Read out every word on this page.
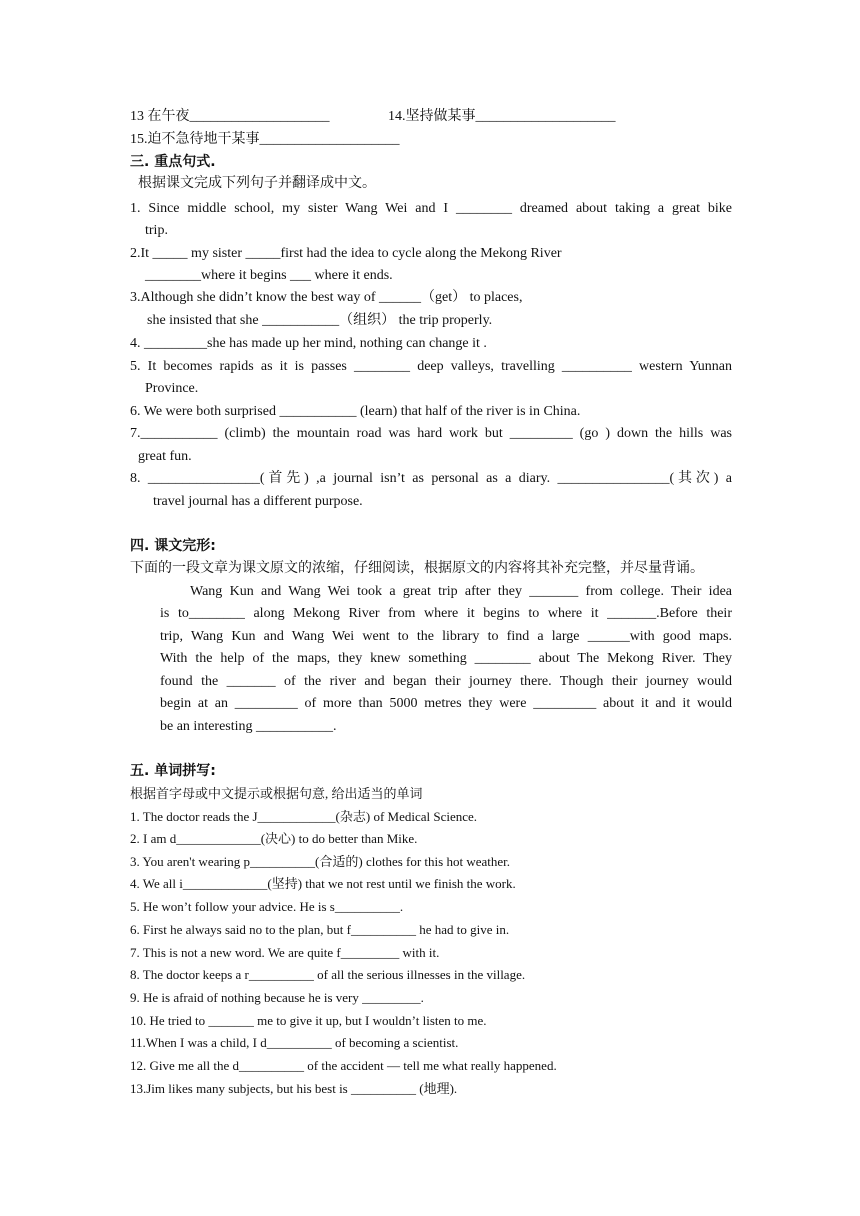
13 在午夜____________________	14.坚持做某事____________________
15.迫不急待地干某事____________________
三. 重点句式.
根据课文完成下列句子并翻译成中文。
1. Since middle school, my sister Wang Wei and I ________ dreamed about taking a great bike
trip.
2.It _____ my sister _____first had the idea to cycle along the Mekong River
________where it begins ___ where it ends.
3.Although she didn’t know the best way of ______（get） to places,
she insisted that she ___________（组织） the trip properly.
4. _________she has made up her mind, nothing can change it .
5. It becomes rapids as it is passes ________ deep valleys, travelling __________ western Yunnan
Province.
6. We were both surprised ___________ (learn) that half of the river is in China.
7.___________ (climb) the mountain road was hard work but _________ (go ) down the hills was
great fun.
8. ________________(首先) ,a journal isn’t as personal as a diary. ________________(其次) a
travel journal has a different purpose.
四. 课文完形:
下面的一段文章为课文原文的浓缩，仔细阅读，根据原文的内容将其补充完整，并尽量背诵。
Wang Kun and Wang Wei took a great trip after they _______ from college. Their idea
is to________ along Mekong River from where it begins to where it _______.Before their
trip, Wang Kun and Wang Wei went to the library to find a large ______with good maps.
With the help of the maps, they knew something ________ about The Mekong River. They
found the _______ of the river and began their journey there. Though their journey would
begin at an _________ of more than 5000 metres they were _________ about it and it would
be an interesting ___________.
五. 单词拼写:
根据首字母或中文提示或根据句意, 给出适当的单词
1. The doctor reads the J____________(杂志) of Medical Science.
2. I am d_____________(决心) to do better than Mike.
3. You aren't wearing p__________(合适的) clothes for this hot weather.
4. We all i_____________(坚持) that we not rest until we finish the work.
5. He won’t follow your advice. He is s__________.
6. First he always said no to the plan, but f__________ he had to give in.
7. This is not a new word. We are quite f_________ with it.
8. The doctor keeps a r__________ of all the serious illnesses in the village.
9. He is afraid of nothing because he is very _________.
10. He tried to _______ me to give it up, but I wouldn’t listen to me.
11.When I was a child, I d__________ of becoming a scientist.
12. Give me all the d__________ of the accident — tell me what really happened.
13.Jim likes many subjects, but his best is __________ (地理).
